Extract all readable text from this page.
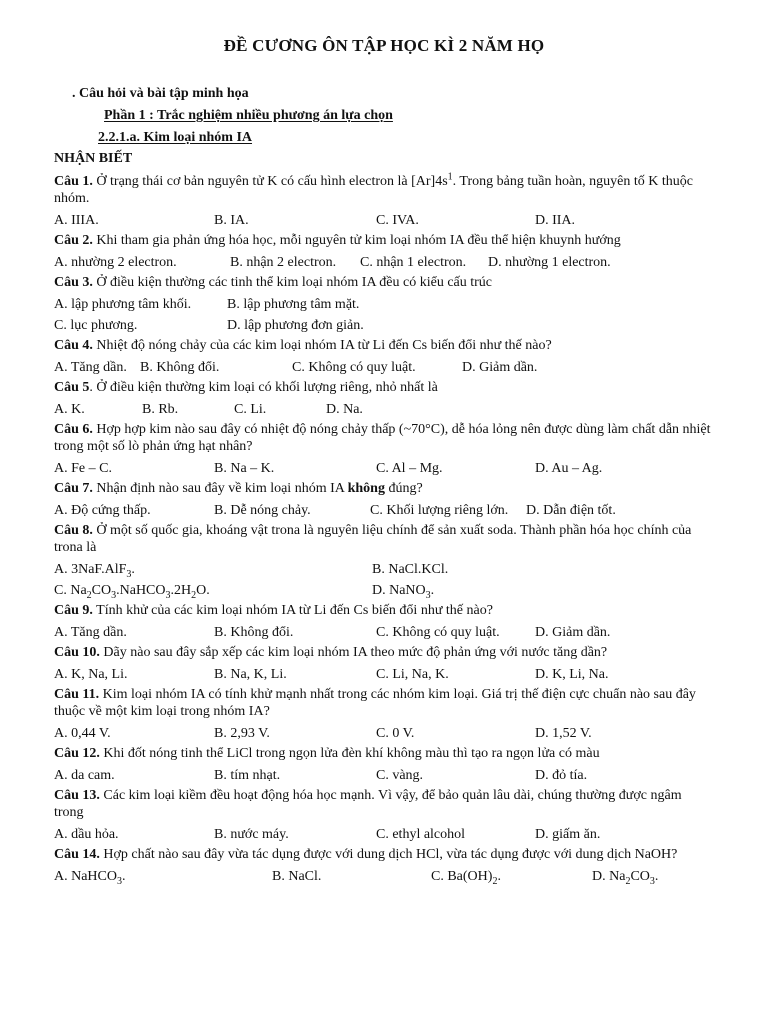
ĐỀ CƯƠNG ÔN TẬP HỌC KÌ 2 NĂM HỌ
. Câu hỏi và bài tập minh họa
Phần 1 : Trắc nghiệm nhiều phương án lựa chọn
2.2.1.a. Kim loại nhóm IA
NHẬN BIẾT
Câu 1. Ở trạng thái cơ bản nguyên tử K có cấu hình electron là $[Ar]4s^1$. Trong bảng tuần hoàn, nguyên tố K thuộc nhóm.
A. IIIA.	B. IA.	C. IVA.	D. IIA.
Câu 2. Khi tham gia phản ứng hóa học, mỗi nguyên tử kim loại nhóm IA đều thể hiện khuynh hướng
A. nhường 2 electron.	B. nhận 2 electron. C. nhận 1 electron. D. nhường 1 electron.
Câu 3. Ở điều kiện thường các tinh thể kim loại nhóm IA đều có kiểu cấu trúc
A. lập phương tâm khối.	B. lập phương tâm mặt.
C. lục phương.	D. lập phương đơn giản.
Câu 4. Nhiệt độ nóng chảy của các kim loại nhóm IA từ Li đến Cs biến đổi như thế nào?
A. Tăng dần. B. Không đổi.	C. Không có quy luật.	D. Giảm dần.
Câu 5. Ở điều kiện thường kim loại có khối lượng riêng, nhỏ nhất là
A. K.	B. Rb.	C. Li.	D. Na.
Câu 6. Hợp hợp kim nào sau đây có nhiệt độ nóng chảy thấp (~70°C), dễ hóa lỏng nên được dùng làm chất dẫn nhiệt trong một số lò phản ứng hạt nhân?
A. Fe – C.	B. Na – K.	C. Al – Mg.	D. Au – Ag.
Câu 7. Nhận định nào sau đây về kim loại nhóm IA không đúng?
A. Độ cứng thấp.	B. Dễ nóng chảy.	C. Khối lượng riêng lớn. D. Dẫn điện tốt.
Câu 8. Ở một số quốc gia, khoáng vật trona là nguyên liệu chính để sản xuất soda. Thành phần hóa học chính của trona là
A. 3NaF.AlF$_3$.	B. NaCl.KCl.
C. $Na_2CO_3.NaHCO_3.2H_2O$.	D. NaNO$_3$.
Câu 9. Tính khử của các kim loại nhóm IA từ Li đến Cs biến đổi như thế nào?
A. Tăng dần.	B. Không đổi.	C. Không có quy luật.	D. Giảm dần.
Câu 10. Dãy nào sau đây sắp xếp các kim loại nhóm IA theo mức độ phản ứng với nước tăng dần?
A. K, Na, Li.	B. Na, K, Li.	C. Li, Na, K.	D. K, Li, Na.
Câu 11. Kim loại nhóm IA có tính khử mạnh nhất trong các nhóm kim loại. Giá trị thế điện cực chuẩn nào sau đây thuộc về một kim loại trong nhóm IA?
A. 0,44 V.	B. 2,93 V.	C. 0 V.	D. 1,52 V.
Câu 12. Khi đốt nóng tinh thể LiCl trong ngọn lửa đèn khí không màu thì tạo ra ngọn lửa có màu
A. da cam.	B. tím nhạt.	C. vàng.	D. đỏ tía.
Câu 13. Các kim loại kiềm đều hoạt động hóa học mạnh. Vì vậy, để bảo quản lâu dài, chúng thường được ngâm trong
A. dầu hỏa.	B. nước máy.	C. ethyl alcohol	D. giấm ăn.
Câu 14. Hợp chất nào sau đây vừa tác dụng được với dung dịch HCl, vừa tác dụng được với dung dịch NaOH?
A. NaHCO$_3$.	B. NaCl.	C. $Ba(OH)_2$.	D. $Na_2CO_3$.
